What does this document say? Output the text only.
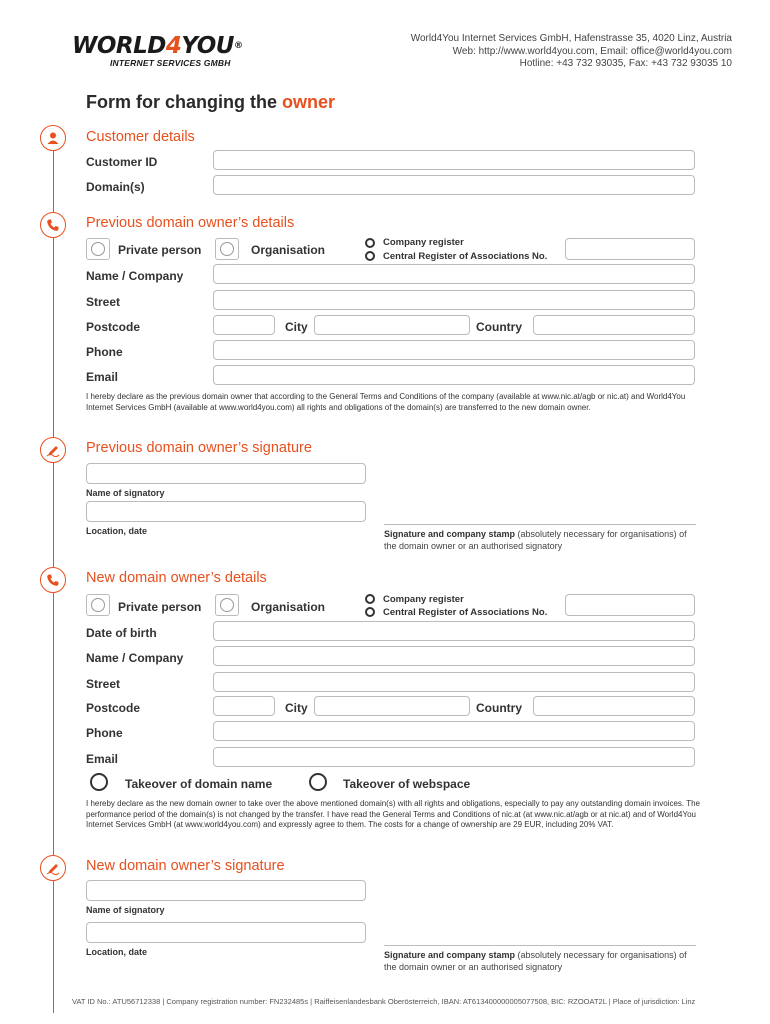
WORLD4YOU®
INTERNET SERVICES GMBH
World4You Internet Services GmbH, Hafenstrasse 35, 4020 Linz, Austria
Web: http://www.world4you.com, Email: office@world4you.com
Hotline: +43 732 93035, Fax: +43 732 93035 10
Form for changing the owner
Customer details
Customer ID
Domain(s)
Previous domain owner’s details
Private person	Organisation
Company register
Central Register of Associations No.
Name / Company
Street
Postcode	City	Country
Phone
Email
I hereby declare as the previous domain owner that according to the General Terms and Conditions of the company (available at www.nic.at/agb or nic.at) and World4You Internet Services GmbH (available at www.world4you.com) all rights and obligations of the domain(s) are transferred to the new domain owner.
Previous domain owner’s signature
Name of signatory
Location, date	Signature and company stamp (absolutely necessary for organisations) of the domain owner or an authorised signatory
New domain owner’s details
Private person	Organisation
Company register
Central Register of Associations No.
Date of birth
Name / Company
Street
Postcode	City	Country
Phone
Email
Takeover of domain name	Takeover of webspace
I hereby declare as the new domain owner to take over the above mentioned domain(s) with all rights and obligations, especially to pay any outstanding domain invoices. The performance period of the domain(s) is not changed by the transfer. I have read the General Terms and Conditions of nic.at (at www.nic.at/agb or at nic.at) and of World4You Internet Services GmbH (at www.world4you.com) and expressly agree to them. The costs for a change of ownership are 29 EUR, including 20% VAT.
New domain owner’s signature
Name of signatory
Location, date	Signature and company stamp (absolutely necessary for organisations) of the domain owner or an authorised signatory
VAT ID No.: ATU56712338 | Company registration number: FN232485s | Raiffeisenlandesbank Oberösterreich, IBAN: AT613400000005077508, BIC: RZOOAT2L | Place of jurisdiction: Linz
